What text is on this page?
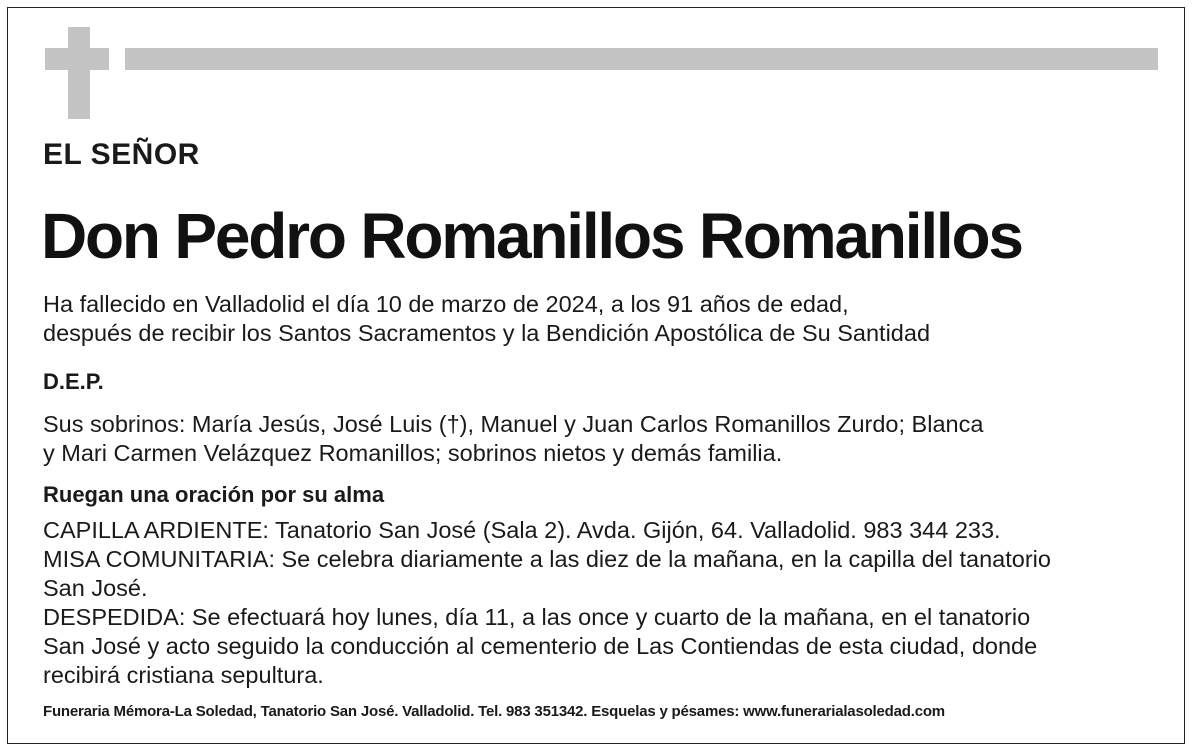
EL SEÑOR
Don Pedro Romanillos Romanillos
Ha fallecido en Valladolid el día 10 de marzo de 2024, a los 91 años de edad,
después de recibir los Santos Sacramentos y la Bendición Apostólica de Su Santidad
D.E.P.
Sus sobrinos: María Jesús, José Luis (†), Manuel y Juan Carlos Romanillos Zurdo; Blanca
y Mari Carmen Velázquez Romanillos; sobrinos nietos y demás familia.
Ruegan una oración por su alma
CAPILLA ARDIENTE: Tanatorio San José (Sala 2). Avda. Gijón, 64. Valladolid. 983 344 233.
MISA COMUNITARIA: Se celebra diariamente a las diez de la mañana, en la capilla del tanatorio
San José.
DESPEDIDA: Se efectuará hoy lunes, día 11, a las once y cuarto de la mañana, en el tanatorio
San José y acto seguido la conducción al cementerio de Las Contiendas de esta ciudad, donde
recibirá cristiana sepultura.
Funeraria Mémora-La Soledad, Tanatorio San José. Valladolid. Tel. 983 351342. Esquelas y pésames: www.funerarialasoledad.com
